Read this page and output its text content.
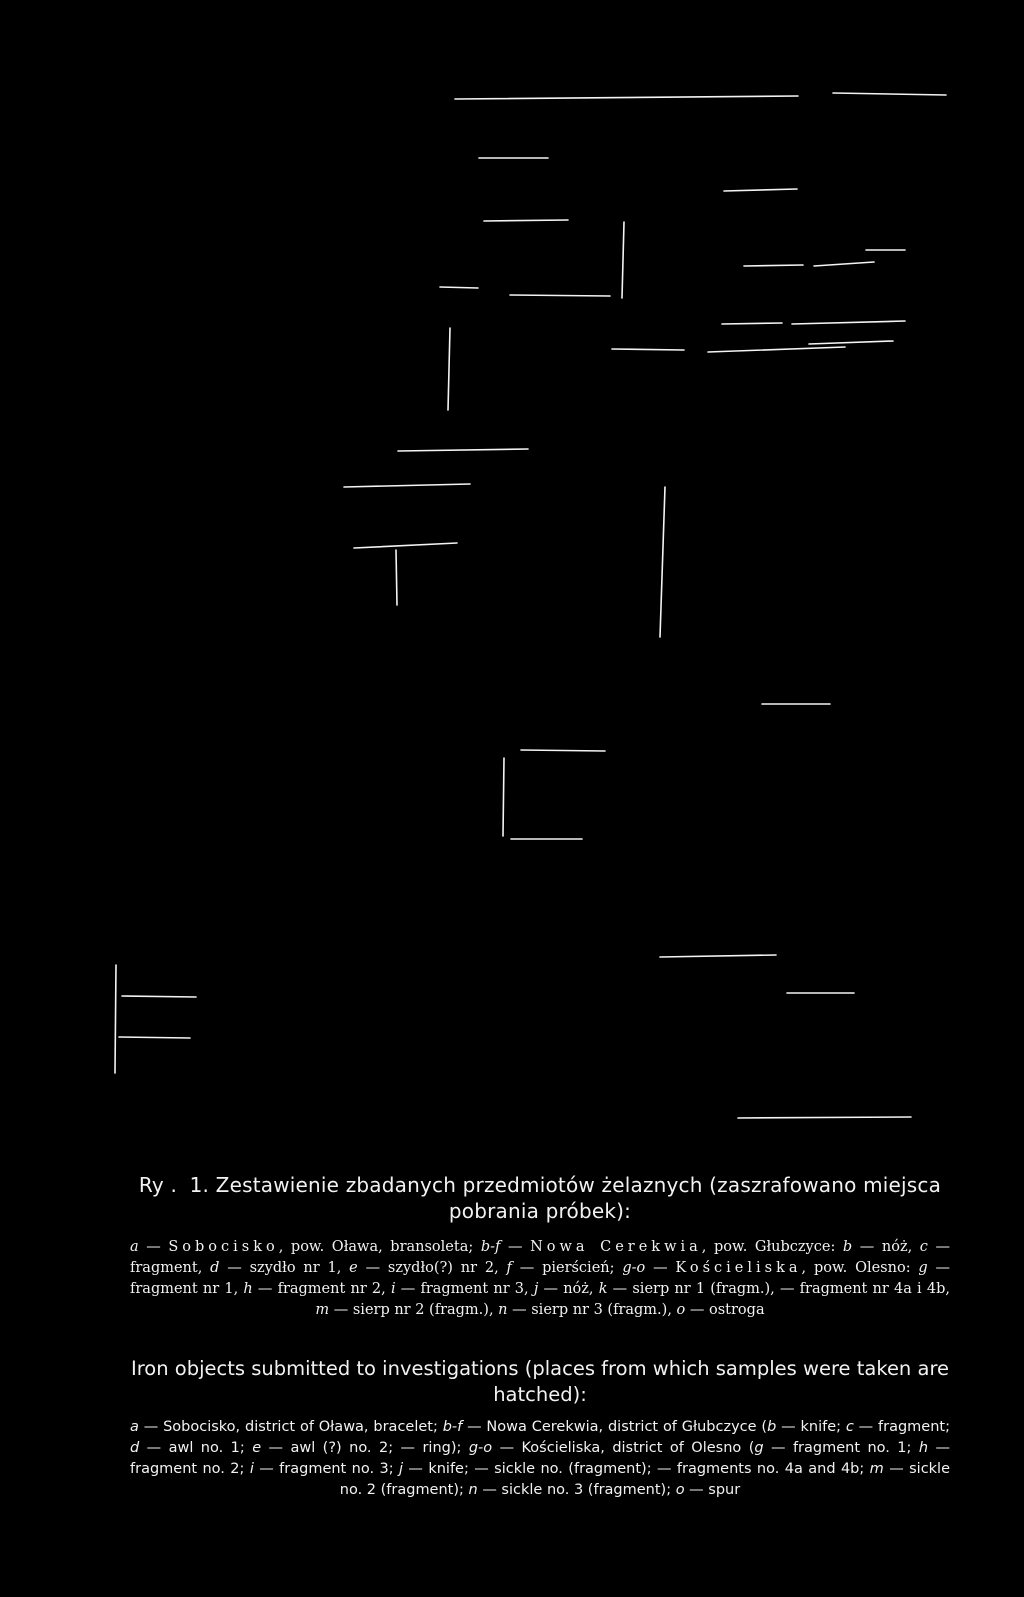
Ry . 1. Zestawienie zbadanych przedmiotów żelaznych (zaszrafowano miejsca pobrania próbek):
a — Sobocisko, pow. Oława, bransoleta; b-f — Nowa Cerekwia, pow. Głubczyce: b — nóż, c — fragment, d — szydło nr 1, e — szydło(?) nr 2, f — pierścień; g-o — Kościeliska, pow. Olesno: g — fragment nr 1, h — fragment nr 2, i — fragment nr 3, j — nóż, k — sierp nr 1 (fragm.), — fragment nr 4a i 4b, m — sierp nr 2 (fragm.), n — sierp nr 3 (fragm.), o — ostroga
Iron objects submitted to investigations (places from which samples were taken are hatched):
a — Sobocisko, district of Oława, bracelet; b-f — Nowa Cerekwia, district of Głubczyce (b — knife; c — fragment; d — awl no. 1; e — awl (?) no. 2; — ring); g-o — Kościeliska, district of Olesno (g — fragment no. 1; h — fragment no. 2; i — fragment no. 3; j — knife; — sickle no. (fragment); — fragments no. 4a and 4b; m — sickle no. 2 (fragment); n — sickle no. 3 (fragment); o — spur
